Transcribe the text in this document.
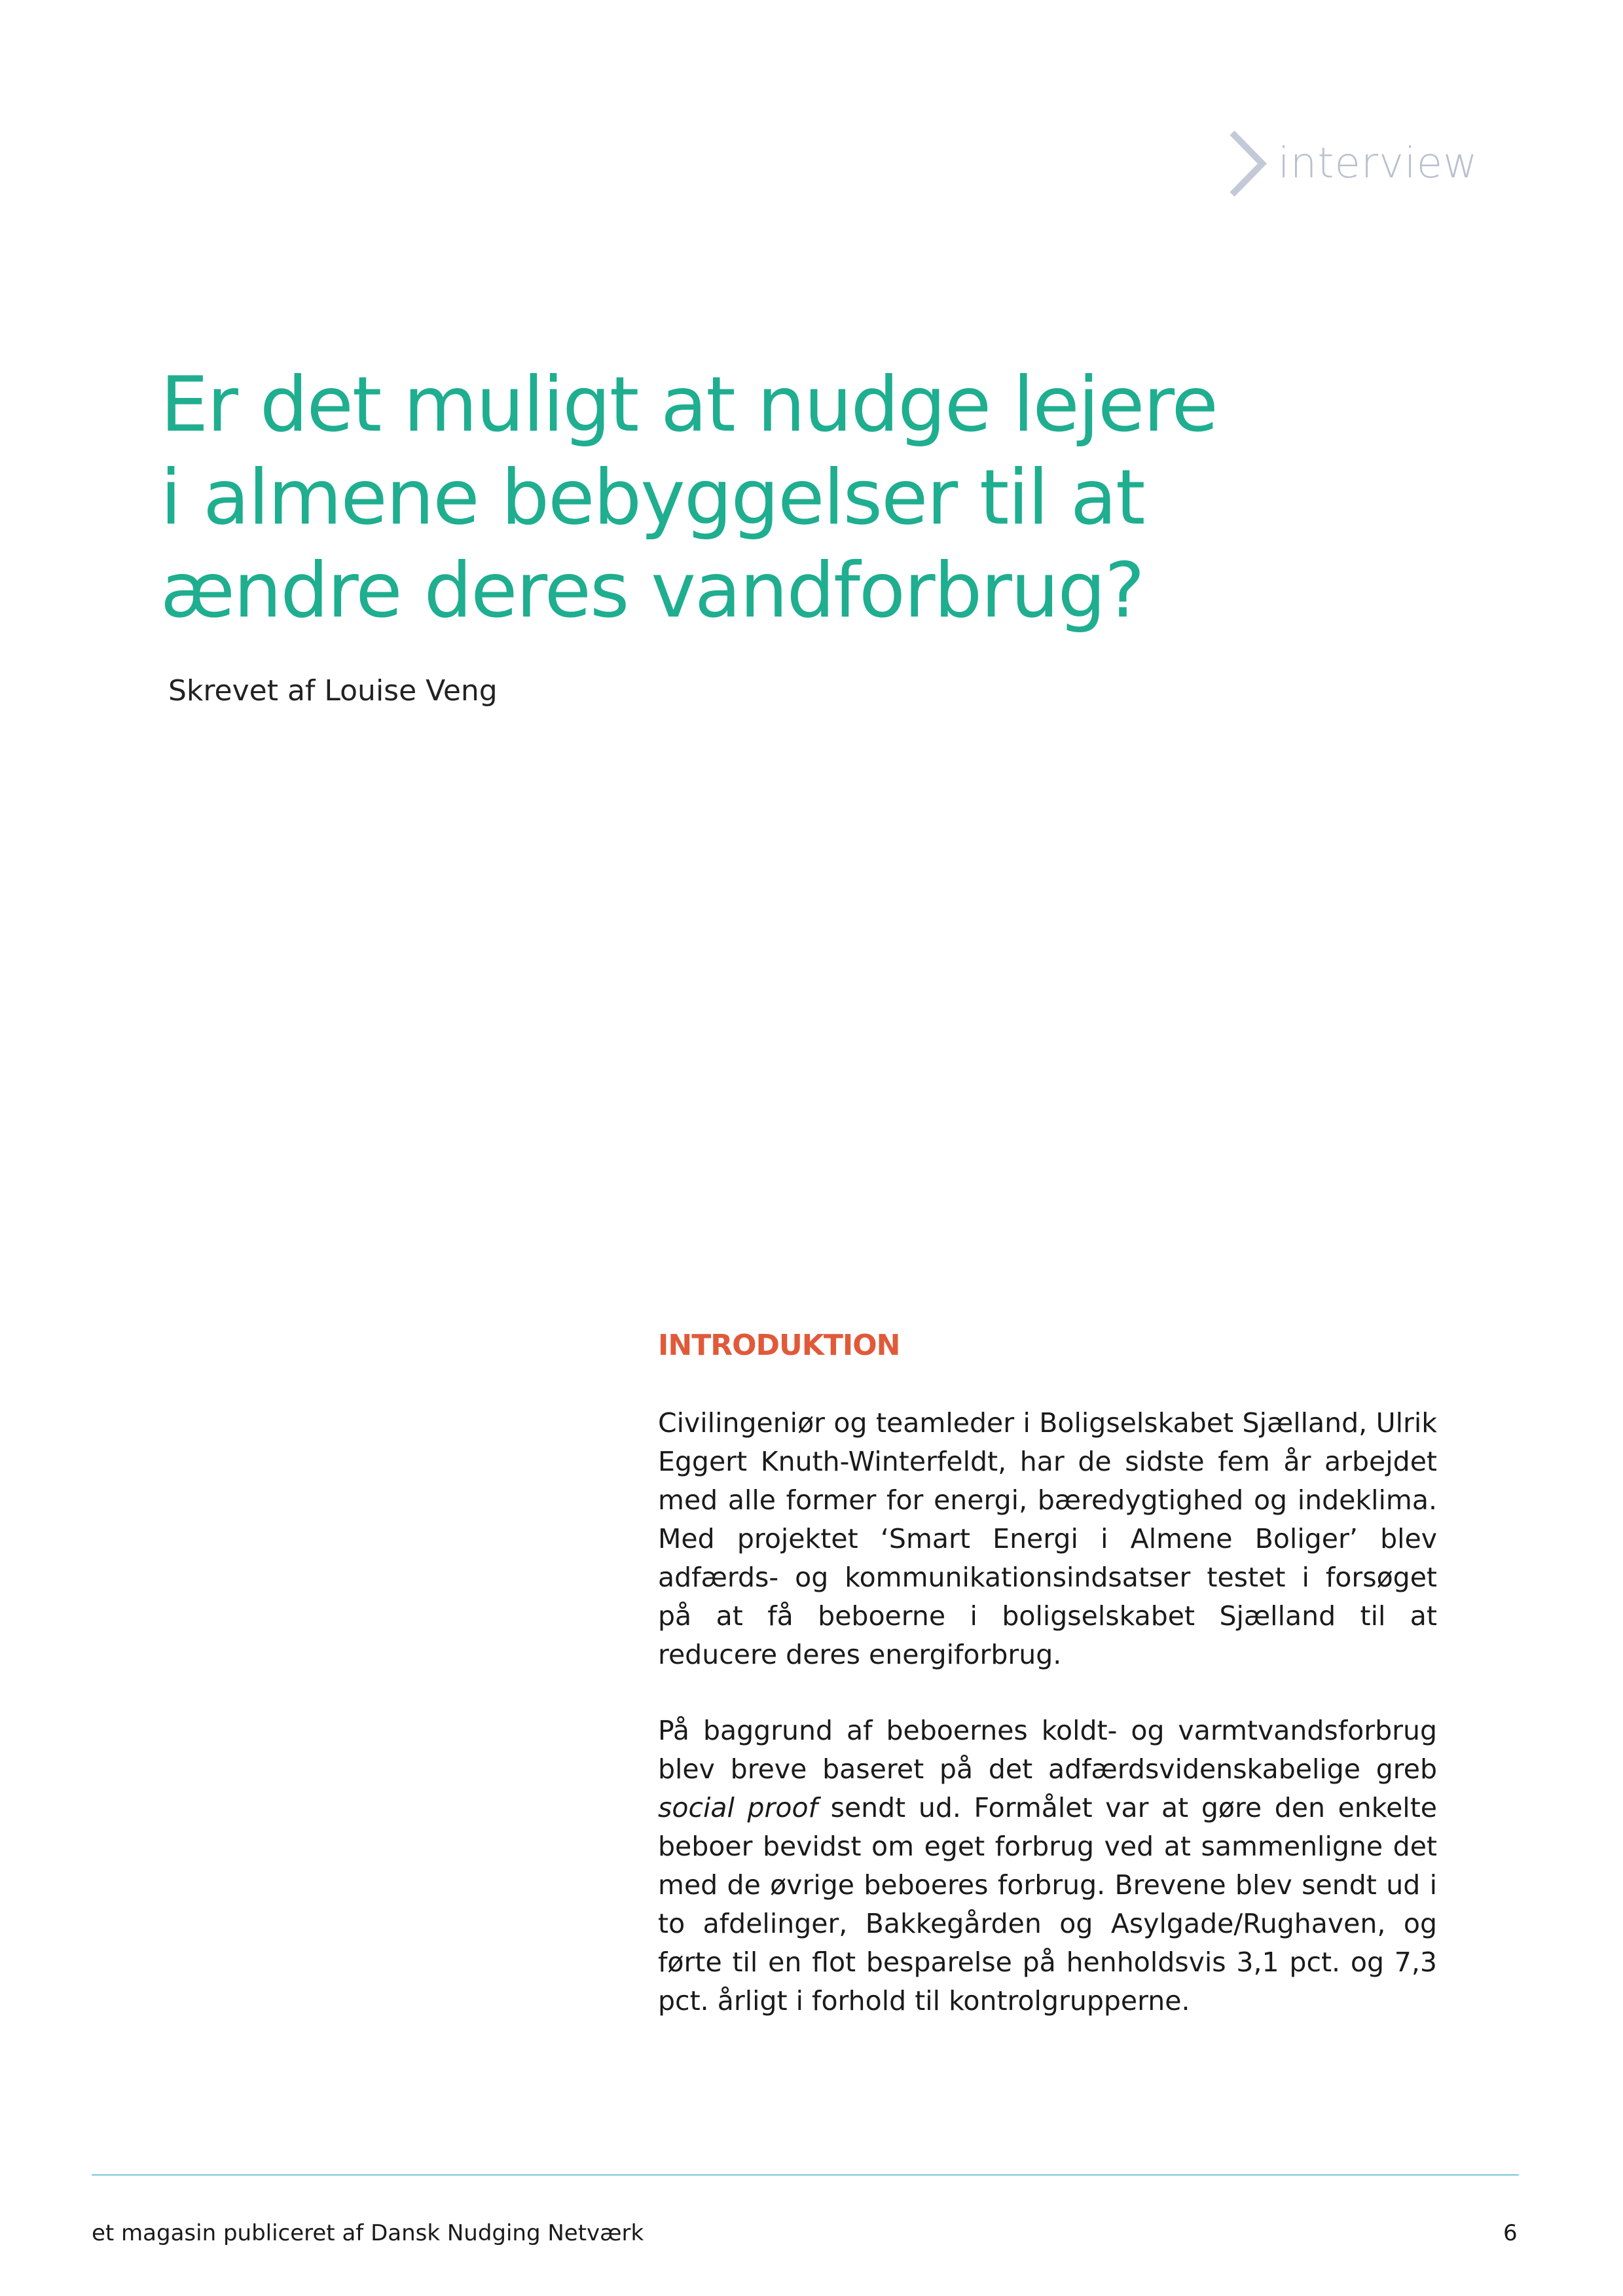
interview
Er det muligt at nudge lejere
i almene bebyggelser til at
ændre deres vandforbrug?
Skrevet af Louise Veng
INTRODUKTION

Civilingeniør og teamleder i Boligselskabet Sjælland, Ulrik Eggert Knuth-Winterfeldt, har de sidste fem år arbejdet med alle former for energi, bæredygtighed og indeklima. Med projektet ‘Smart Energi i Almene Boliger’ blev adfærds- og kommunikationsindsatser testet i forsøget på at få beboerne i boligselskabet Sjælland til at reducere deres energiforbrug.

På baggrund af beboernes koldt- og varmtvandsforbrug blev breve baseret på det adfærdsvidenskabelige greb social proof sendt ud. Formålet var at gøre den enkelte beboer bevidst om eget forbrug ved at sammenligne det med de øvrige beboeres forbrug. Brevene blev sendt ud i to afdelinger, Bakkegården og Asylgade/Rughaven, og førte til en flot besparelse på henholdsvis 3,1 pct. og 7,3 pct. årligt i forhold til kontrolgrupperne.

et magasin publiceret af Dansk Nudging Netværk	6
